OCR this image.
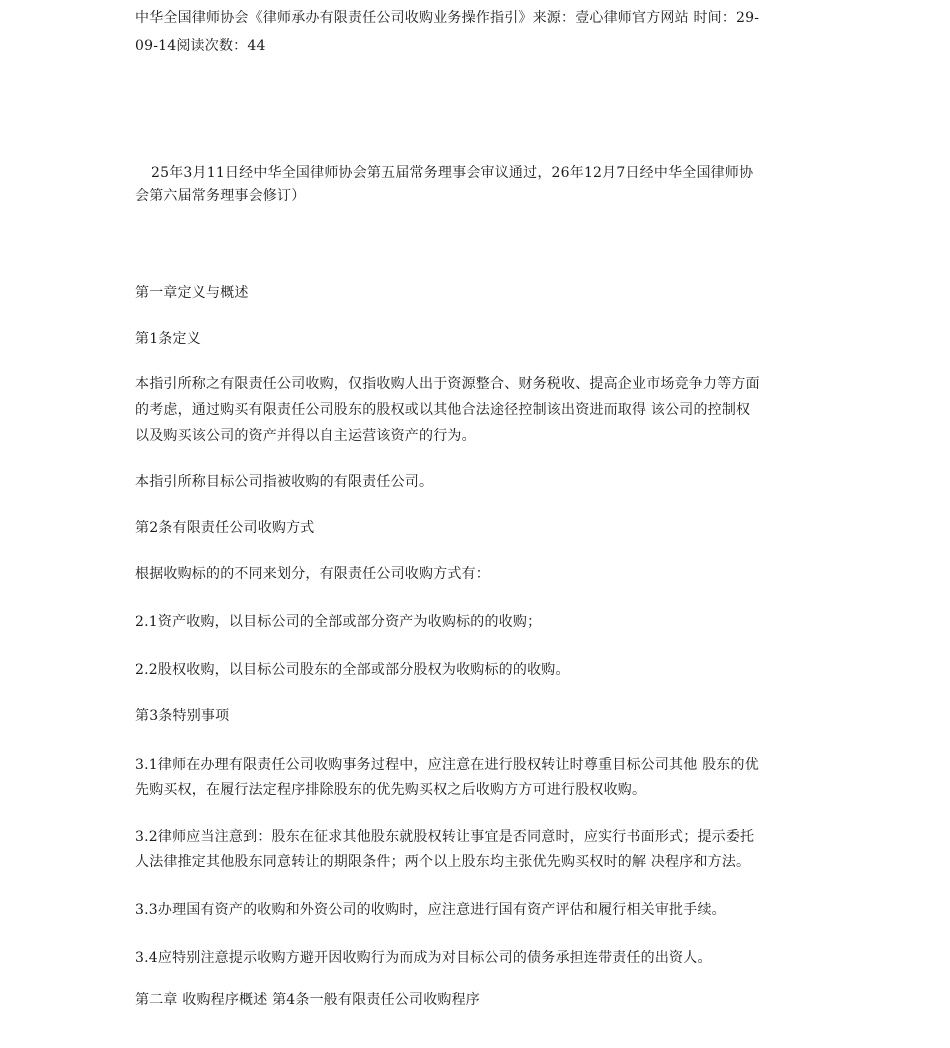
中华全国律师协会《律师承办有限责任公司收购业务操作指引》来源：壹心律师官方网站 时间：29-

09-14阅读次数：44

25年3月11日经中华全国律师协会第五届常务理事会审议通过，26年12月7日经中华全国律师协

会第六届常务理事会修订）

第一章定义与概述

第1条定义

本指引所称之有限责任公司收购，仅指收购人出于资源整合、财务税收、提高企业市场竞争力等方面

的考虑，通过购买有限责任公司股东的股权或以其他合法途径控制该出资进而取得 该公司的控制权

以及购买该公司的资产并得以自主运营该资产的行为。

本指引所称目标公司指被收购的有限责任公司。

第2条有限责任公司收购方式

根据收购标的的不同来划分，有限责任公司收购方式有：

2.1资产收购，以目标公司的全部或部分资产为收购标的的收购；

2.2股权收购，以目标公司股东的全部或部分股权为收购标的的收购。

第3条特别事项

3.1律师在办理有限责任公司收购事务过程中，应注意在进行股权转让时尊重目标公司其他 股东的优

先购买权，在履行法定程序排除股东的优先购买权之后收购方方可进行股权收购。

3.2律师应当注意到：股东在征求其他股东就股权转让事宜是否同意时，应实行书面形式；提示委托

人法律推定其他股东同意转让的期限条件；两个以上股东均主张优先购买权时的解 决程序和方法。

3.3办理国有资产的收购和外资公司的收购时，应注意进行国有资产评估和履行相关审批手续。

3.4应特别注意提示收购方避开因收购行为而成为对目标公司的债务承担连带责任的出资人。

第二章 收购程序概述 第4条一般有限责任公司收购程序
